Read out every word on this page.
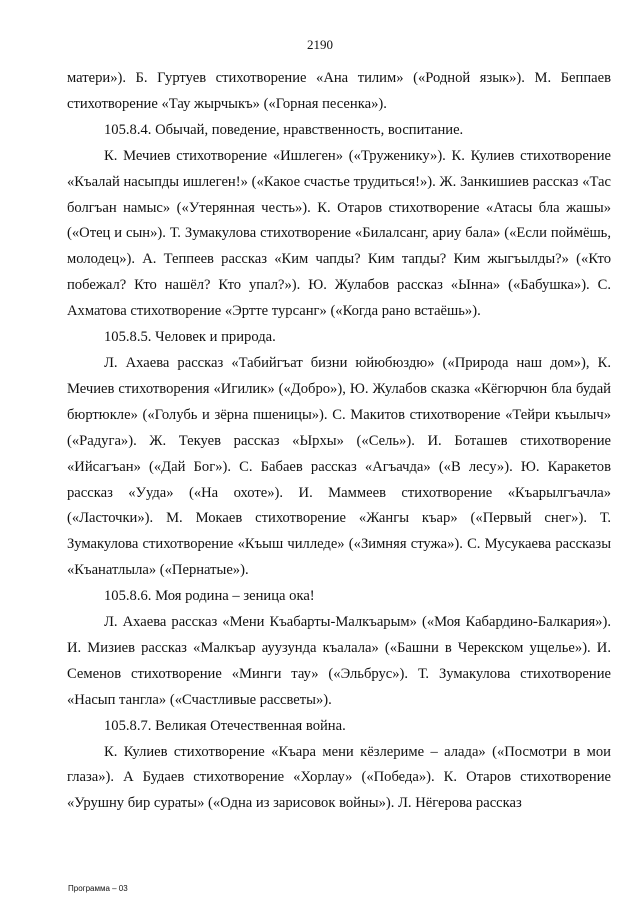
2190

матери»). Б. Гуртуев стихотворение «Ана тилим» («Родной язык»). М. Беппаев стихотворение «Тау жырчыкъ» («Горная песенка»).

105.8.4. Обычай, поведение, нравственность, воспитание.

К. Мечиев стихотворение «Ишлеген» («Труженику»). К. Кулиев стихотворение «Къалай насыпды ишлеген!» («Какое счастье трудиться!»). Ж. Занкишиев рассказ «Тас болгъан намыс» («Утерянная честь»). К. Отаров стихотворение «Атасы бла жашы» («Отец и сын»). Т. Зумакулова стихотворение «Билалсанг, ариу бала» («Если поймёшь, молодец»). А. Теппеев рассказ «Ким чапды? Ким тапды? Ким жыгъылды?» («Кто побежал? Кто нашёл? Кто упал?»). Ю. Жулабов рассказ «Ынна» («Бабушка»). С. Ахматова стихотворение «Эртте турсанг» («Когда рано встаёшь»).

105.8.5. Человек и природа.

Л. Ахаева рассказ «Табийгъат бизни юйюбюздю» («Природа наш дом»), К. Мечиев стихотворения «Игилик» («Добро»), Ю. Жулабов сказка «Кёгюрчюн бла будай бюртюкле» («Голубь и зёрна пшеницы»). С. Макитов стихотворение «Тейри къылыч» («Радуга»). Ж. Текуев рассказ «Ырхы» («Сель»). И. Боташев стихотворение «Ийсагъан» («Дай Бог»). С. Бабаев рассказ «Агъачда» («В лесу»). Ю. Каракетов рассказ «Ууда» («На охоте»). И. Маммеев стихотворение «Къарылгъачла» («Ласточки»). М. Мокаев стихотворение «Жангы къар» («Первый снег»). Т. Зумакулова стихотворение «Къыш чилледе» («Зимняя стужа»). С. Мусукаева рассказы «Къанатлыла» («Пернатые»).

105.8.6. Моя родина – зеница ока!

Л. Ахаева рассказ «Мени Къабарты-Малкъарым» («Моя Кабардино-Балкария»). И. Мизиев рассказ «Малкъар ауузунда къалала» («Башни в Черекском ущелье»). И. Семенов стихотворение «Минги тау» («Эльбрус»). Т. Зумакулова стихотворение «Насып тангла» («Счастливые рассветы»).

105.8.7. Великая Отечественная война.

К. Кулиев стихотворение «Къара мени кёзлериме – алада» («Посмотри в мои глаза»). А Будаев стихотворение «Хорлау» («Победа»). К. Отаров стихотворение «Урушну бир сураты» («Одна из зарисовок войны»). Л. Нёгерова рассказ

Программа – 03
